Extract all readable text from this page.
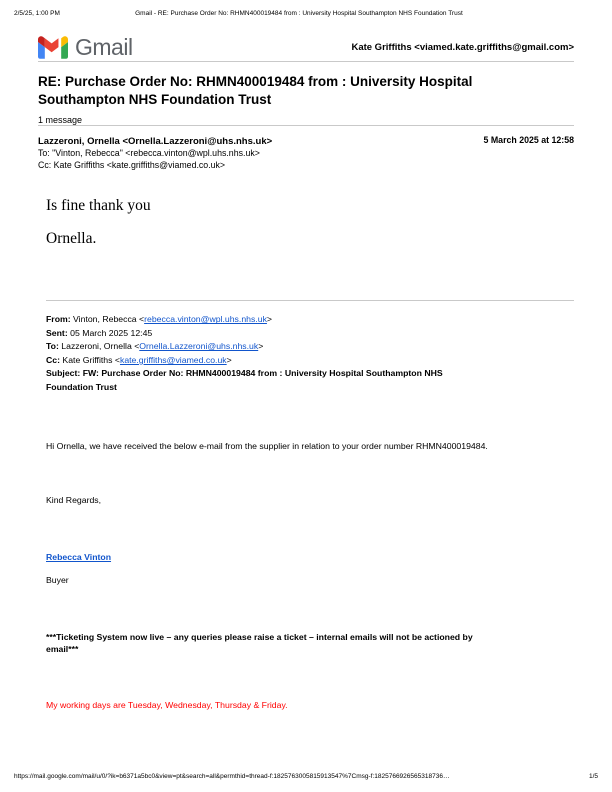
2/5/25, 1:00 PM	Gmail - RE: Purchase Order No: RHMN400019484 from : University Hospital Southampton NHS Foundation Trust
Gmail	Kate Griffiths <viamed.kate.griffiths@gmail.com>
RE: Purchase Order No: RHMN400019484 from : University Hospital Southampton NHS Foundation Trust
1 message
Lazzeroni, Ornella <Ornella.Lazzeroni@uhs.nhs.uk>
To: "Vinton, Rebecca" <rebecca.vinton@wpl.uhs.nhs.uk>
Cc: Kate Griffiths <kate.griffiths@viamed.co.uk>
5 March 2025 at 12:58
Is fine thank you
Ornella.
From: Vinton, Rebecca <rebecca.vinton@wpl.uhs.nhs.uk>
Sent: 05 March 2025 12:45
To: Lazzeroni, Ornella <Ornella.Lazzeroni@uhs.nhs.uk>
Cc: Kate Griffiths <kate.griffiths@viamed.co.uk>
Subject: FW: Purchase Order No: RHMN400019484 from : University Hospital Southampton NHS Foundation Trust
Hi Ornella, we have received the below e-mail from the supplier in relation to your order number RHMN400019484.
Kind Regards,
Rebecca Vinton
Buyer
***Ticketing System now live – any queries please raise a ticket – internal emails will not be actioned by email***
My working days are Tuesday, Wednesday, Thursday & Friday.
https://mail.google.com/mail/u/0/?ik=b6371a5bc0&view=pt&search=all&permthid=thread-f:1825763005815913547%7Cmsg-f:1825766926565318736…	1/5
